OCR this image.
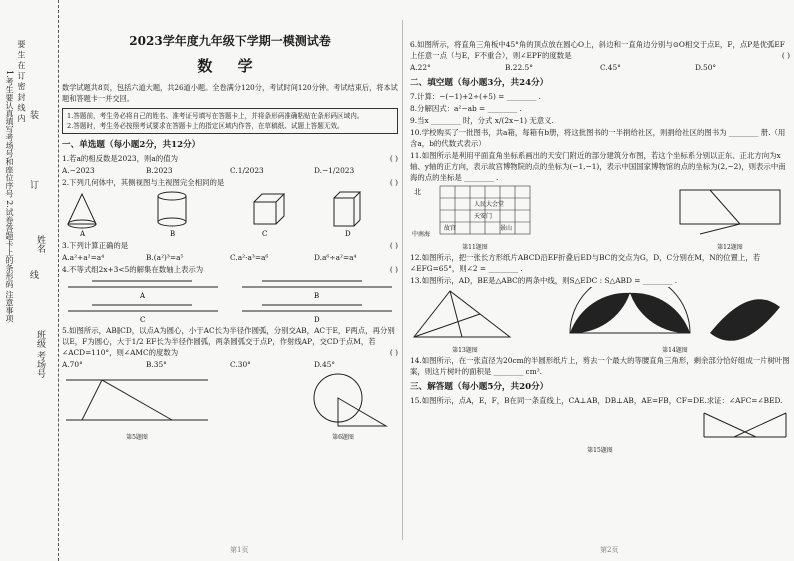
1.考生要认真填写考场号和座位序号 2.试卷答题卡上的条形码 注意事项 要 生 在 订 密 封 线 内 装
订
线
姓名
班级 考场号
2023学年度九年级下学期一模测试卷
数 学

数学试题共8页，包括六道大题，共26道小题。全卷满分120分，考试时间120分钟。考试结束后，将本试题和答题卡一并交回。

1.答题前，考生务必将自己的姓名、准考证号填写在答题卡上，并将条形码准确粘贴在条形码区域内。

2.答题时，考生务必按照考试要求在答题卡上的指定区域内作答，在草稿纸、试题上答题无效。

一、单选题（每小题2分，共12分）
1.若a的相反数是2023，则a的值为	( )
A.−2023	B.2023	C.1/2023	D.−1/2023
2.下列几何体中，其侧视图与主视图完全相同的是	( )
A	B	C	D
3.下列计算正确的是	( )
A.a²+a²=a⁴	B.(a²)³=a⁵	C.a²·a³=a⁶	D.a⁶÷a²=a⁴
4.不等式组2x+3<5的解集在数轴上表示为	( )
A	B
C	D
5.如图所示，AB∥CD，以点A为圆心，小于AC长为半径作圆弧，分别交AB，AC于E，F两点，再分别以E，F为圆心，大于1/2 EF长为半径作圆弧，两条圆弧交于点P，作射线AP，交CD于点M，若∠ACD=110°，则∠AMC的度数为	( )
A.70°	B.35°	C.30°	D.45°
第5题图	第6题图
6.如图所示，将直角三角板中45°角的顶点放在圆心O上，斜边和一直角边分别与⊙O相交于点E，F，点P是优弧EF上任意一点（与E，F不重合），则∠EPF的度数是	( )
A.22°	B.22.5°	C.45°	D.50°
二、填空题（每小题3分，共24分）
7.计算：−(−1)+2÷(+5) = ________ .
8.分解因式：a²−ab = ________ .
9.当x ________ 时，分式 x/(2x−1) 无意义.
10.学校购买了一批图书，共a箱，每箱有b册，将这批图书的一半捐给社区，则捐给社区的图书为 ________ 册.（用含a，b的代数式表示）
11.如图所示是利用平面直角坐标系画出的天安门附近的部分建筑分布图，若这个坐标系分别以正东、正北方向为x轴、y轴的正方向，表示故宫博物院的点的坐标为(−1,−1)，表示中国国家博物馆的点的坐标为(2,−2)，则表示中南海的点的坐标是 ________ .
北
人民大会堂
天安门
故宫
中南海
景山
第11题图	第12题图
12.如图所示，把一张长方形纸片ABCD沿EF折叠后ED与BC的交点为G，D，C分别在M，N的位置上，若∠EFG=65°，则∠2 = ________ .
13.如图所示，AD，BE是△ABC的两条中线，则S△EDC : S△ABD = ________ .
第13题图	第14题图
14.如图所示，在一张直径为20cm的半圆形纸片上，剪去一个最大的等腰直角三角形，剩余部分恰好组成一片树叶图案，则这片树叶的面积是 ________ cm².
三、解答题（每小题5分，共20分）
15.如图所示，点A，E，F，B在同一条直线上，CA⊥AB，DB⊥AB，AE=FB，CF=DE.求证：∠AFC=∠BED.
第15题图
第1页	第2页
